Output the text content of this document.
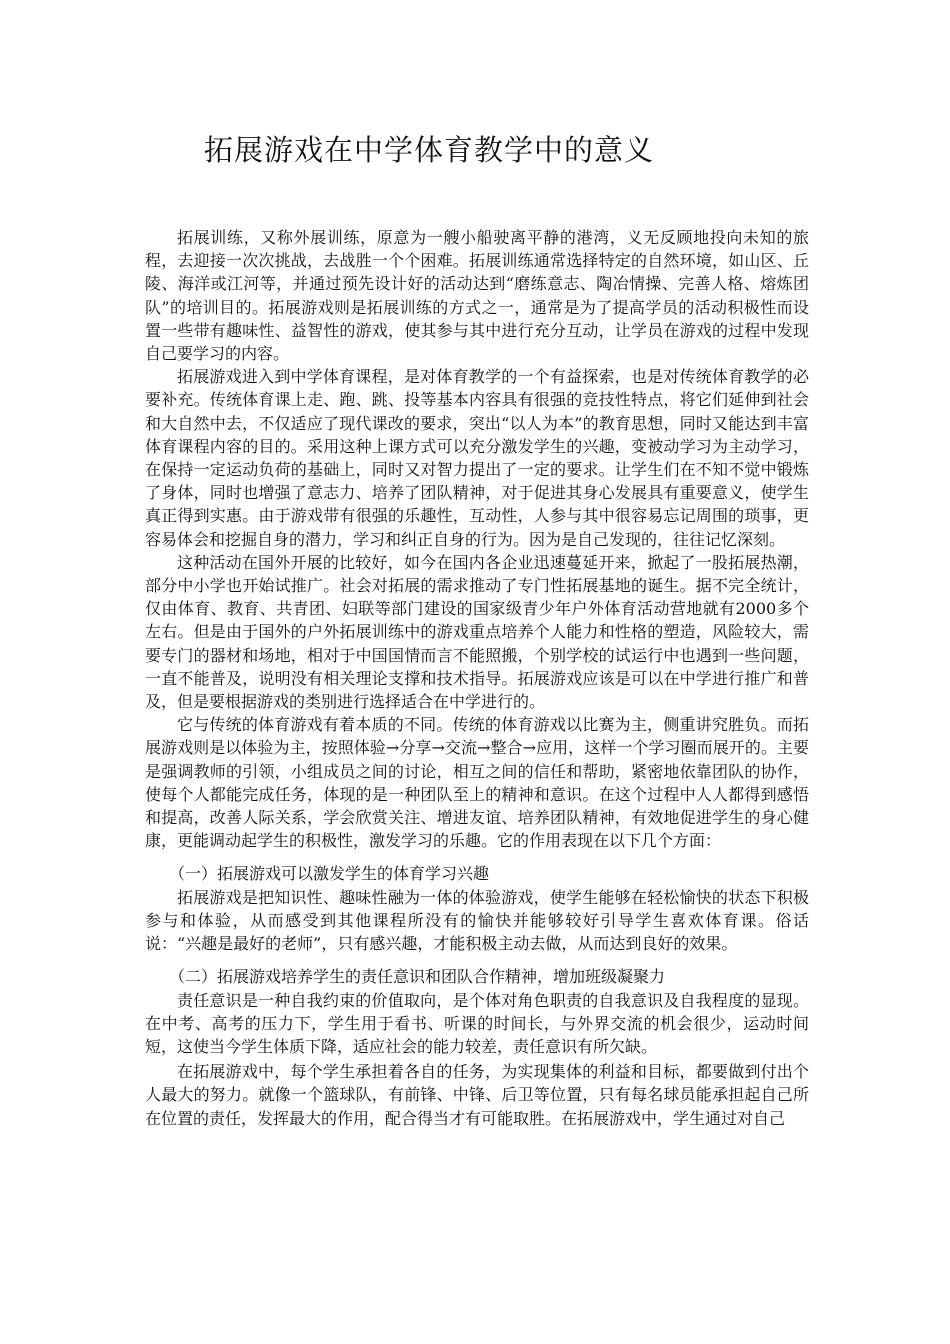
拓展游戏在中学体育教学中的意义

拓展训练，又称外展训练，原意为一艘小船驶离平静的港湾，义无反顾地投向未知的旅程，去迎接一次次挑战，去战胜一个个困难。拓展训练通常选择特定的自然环境，如山区、丘陵、海洋或江河等，并通过预先设计好的活动达到“磨练意志、陶冶情操、完善人格、熔炼团队”的培训目的。拓展游戏则是拓展训练的方式之一，通常是为了提高学员的活动积极性而设置一些带有趣味性、益智性的游戏，使其参与其中进行充分互动，让学员在游戏的过程中发现自己要学习的内容。

拓展游戏进入到中学体育课程，是对体育教学的一个有益探索，也是对传统体育教学的必要补充。传统体育课上走、跑、跳、投等基本内容具有很强的竞技性特点，将它们延伸到社会和大自然中去，不仅适应了现代课改的要求，突出“以人为本”的教育思想，同时又能达到丰富体育课程内容的目的。采用这种上课方式可以充分激发学生的兴趣，变被动学习为主动学习，在保持一定运动负荷的基础上，同时又对智力提出了一定的要求。让学生们在不知不觉中锻炼了身体，同时也增强了意志力、培养了团队精神，对于促进其身心发展具有重要意义，使学生真正得到实惠。由于游戏带有很强的乐趣性，互动性，人参与其中很容易忘记周围的琐事，更容易体会和挖掘自身的潜力，学习和纠正自身的行为。因为是自己发现的，往往记忆深刻。

这种活动在国外开展的比较好，如今在国内各企业迅速蔓延开来，掀起了一股拓展热潮，部分中小学也开始试推广。社会对拓展的需求推动了专门性拓展基地的诞生。据不完全统计，仅由体育、教育、共青团、妇联等部门建设的国家级青少年户外体育活动营地就有2000多个左右。但是由于国外的户外拓展训练中的游戏重点培养个人能力和性格的塑造，风险较大，需要专门的器材和场地，相对于中国国情而言不能照搬，个别学校的试运行中也遇到一些问题，一直不能普及，说明没有相关理论支撑和技术指导。拓展游戏应该是可以在中学进行推广和普及，但是要根据游戏的类别进行选择适合在中学进行的。

它与传统的体育游戏有着本质的不同。传统的体育游戏以比赛为主，侧重讲究胜负。而拓展游戏则是以体验为主，按照体验→分享→交流→整合→应用，这样一个学习圈而展开的。主要是强调教师的引领，小组成员之间的讨论，相互之间的信任和帮助，紧密地依靠团队的协作，使每个人都能完成任务，体现的是一种团队至上的精神和意识。在这个过程中人人都得到感悟和提高，改善人际关系，学会欣赏关注、增进友谊、培养团队精神，有效地促进学生的身心健康，更能调动起学生的积极性，激发学习的乐趣。它的作用表现在以下几个方面：

（一）拓展游戏可以激发学生的体育学习兴趣

拓展游戏是把知识性、趣味性融为一体的体验游戏，使学生能够在轻松愉快的状态下积极参与和体验，从而感受到其他课程所没有的愉快并能够较好引导学生喜欢体育课。俗话说：“兴趣是最好的老师”，只有感兴趣，才能积极主动去做，从而达到良好的效果。

（二）拓展游戏培养学生的责任意识和团队合作精神，增加班级凝聚力

责任意识是一种自我约束的价值取向，是个体对角色职责的自我意识及自我程度的显现。在中考、高考的压力下，学生用于看书、听课的时间长，与外界交流的机会很少，运动时间短，这使当今学生体质下降，适应社会的能力较差，责任意识有所欠缺。

在拓展游戏中，每个学生承担着各自的任务，为实现集体的利益和目标，都要做到付出个人最大的努力。就像一个篮球队，有前锋、中锋、后卫等位置，只有每名球员能承担起自己所在位置的责任，发挥最大的作用，配合得当才有可能取胜。在拓展游戏中，学生通过对自己
